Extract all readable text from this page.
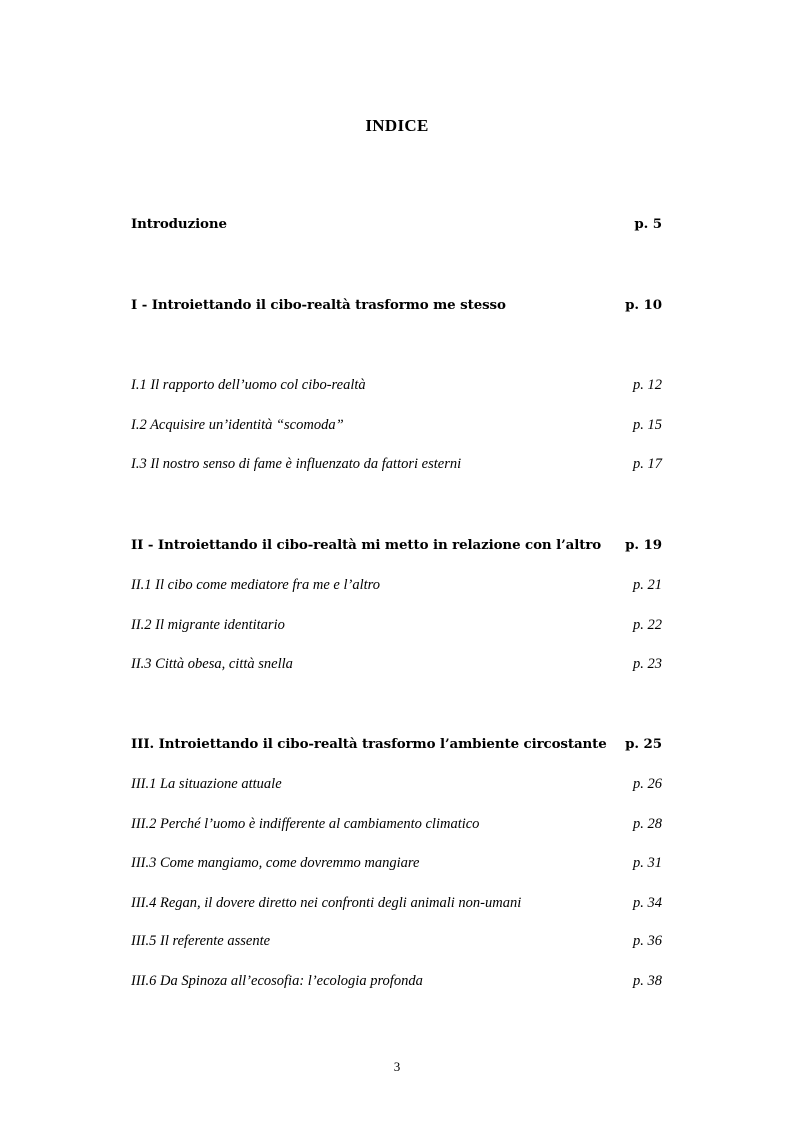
INDICE
Introduzione	p. 5
I - Introiettando il cibo-realtà trasformo me stesso	p. 10
I.1 Il rapporto dell’uomo col cibo-realtà	p. 12
I.2 Acquisire un’identità “scomoda”	p. 15
I.3 Il nostro senso di fame è influenzato da fattori esterni	p. 17
II - Introiettando il cibo-realtà mi metto in relazione con l’altro p. 19
II.1 Il cibo come mediatore fra me e l’altro	p. 21
II.2 Il migrante identitario	p. 22
II.3 Città obesa, città snella	p. 23
III. Introiettando il cibo-realtà trasformo l’ambiente circostante p. 25
III.1 La situazione attuale	p. 26
III.2 Perché l’uomo è indifferente al cambiamento climatico	p. 28
III.3 Come mangiamo, come dovremmo mangiare	p. 31
III.4 Regan, il dovere diretto nei confronti degli animali non-umani	p. 34
III.5 Il referente assente	p. 36
III.6 Da Spinoza all’ecosofia: l’ecologia profonda	p. 38
3
